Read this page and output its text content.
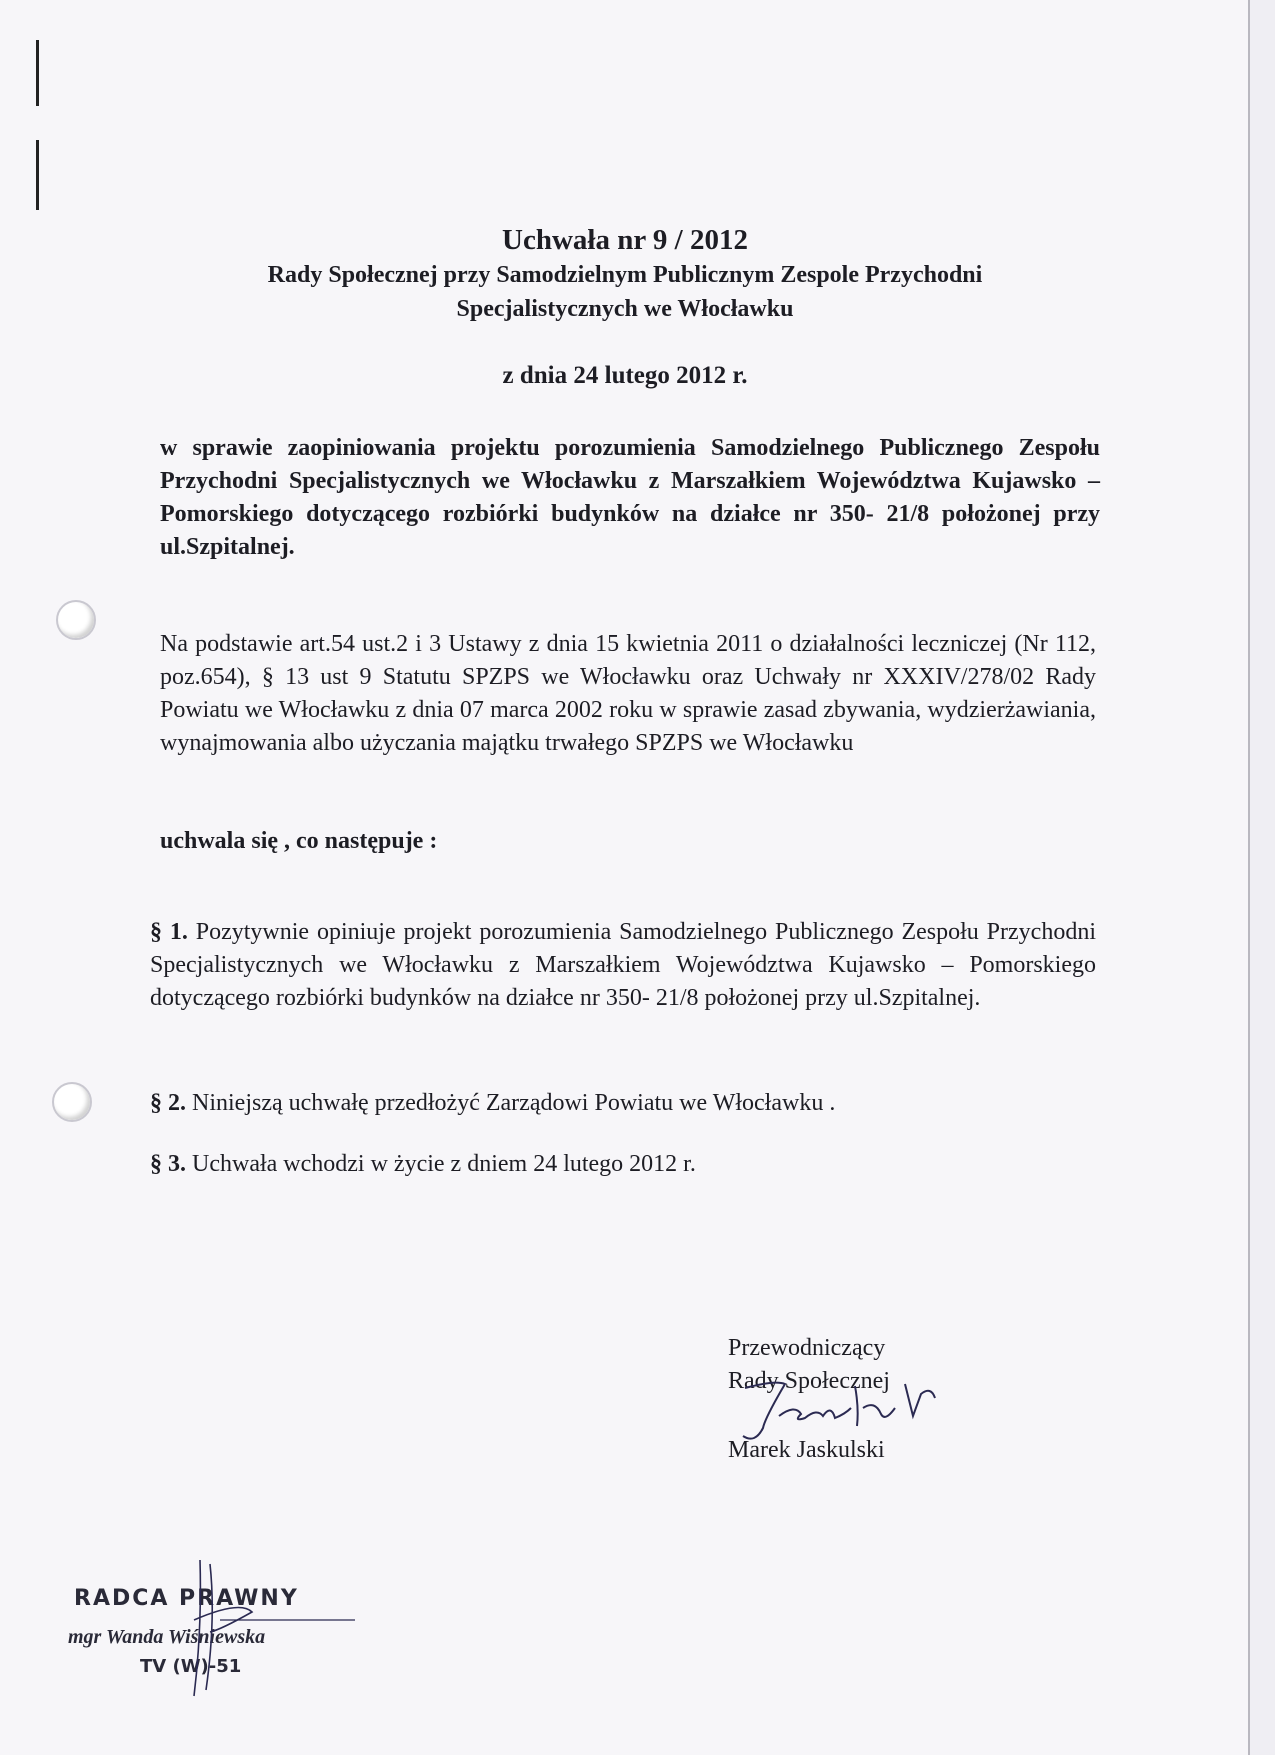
Uchwała nr 9 / 2012
Rady Społecznej przy Samodzielnym Publicznym Zespole Przychodni
Specjalistycznych we Włocławku
z dnia 24 lutego 2012 r.
w sprawie zaopiniowania projektu porozumienia Samodzielnego Publicznego Zespołu Przychodni Specjalistycznych we Włocławku z Marszałkiem Województwa Kujawsko – Pomorskiego dotyczącego rozbiórki budynków na działce nr 350- 21/8 położonej przy ul.Szpitalnej.
Na podstawie art.54 ust.2 i 3 Ustawy z dnia 15 kwietnia 2011 o działalności leczniczej (Nr 112, poz.654), § 13 ust 9 Statutu SPZPS we Włocławku oraz Uchwały nr XXXIV/278/02 Rady Powiatu we Włocławku z dnia 07 marca 2002 roku w sprawie zasad zbywania, wydzierżawiania, wynajmowania albo użyczania majątku trwałego SPZPS we Włocławku
uchwala się , co następuje :
§ 1. Pozytywnie opiniuje projekt porozumienia Samodzielnego Publicznego Zespołu Przychodni Specjalistycznych we Włocławku z Marszałkiem Województwa Kujawsko – Pomorskiego dotyczącego rozbiórki budynków na działce nr 350- 21/8 położonej przy ul.Szpitalnej.
§ 2. Niniejszą uchwałę przedłożyć Zarządowi Powiatu we Włocławku .
§ 3. Uchwała wchodzi w życie z dniem 24 lutego 2012 r.
Przewodniczący
Rady Społecznej
Marek Jaskulski
RADCA PRAWNY
mgr Wanda Wiśniewska
TV (W)-51
